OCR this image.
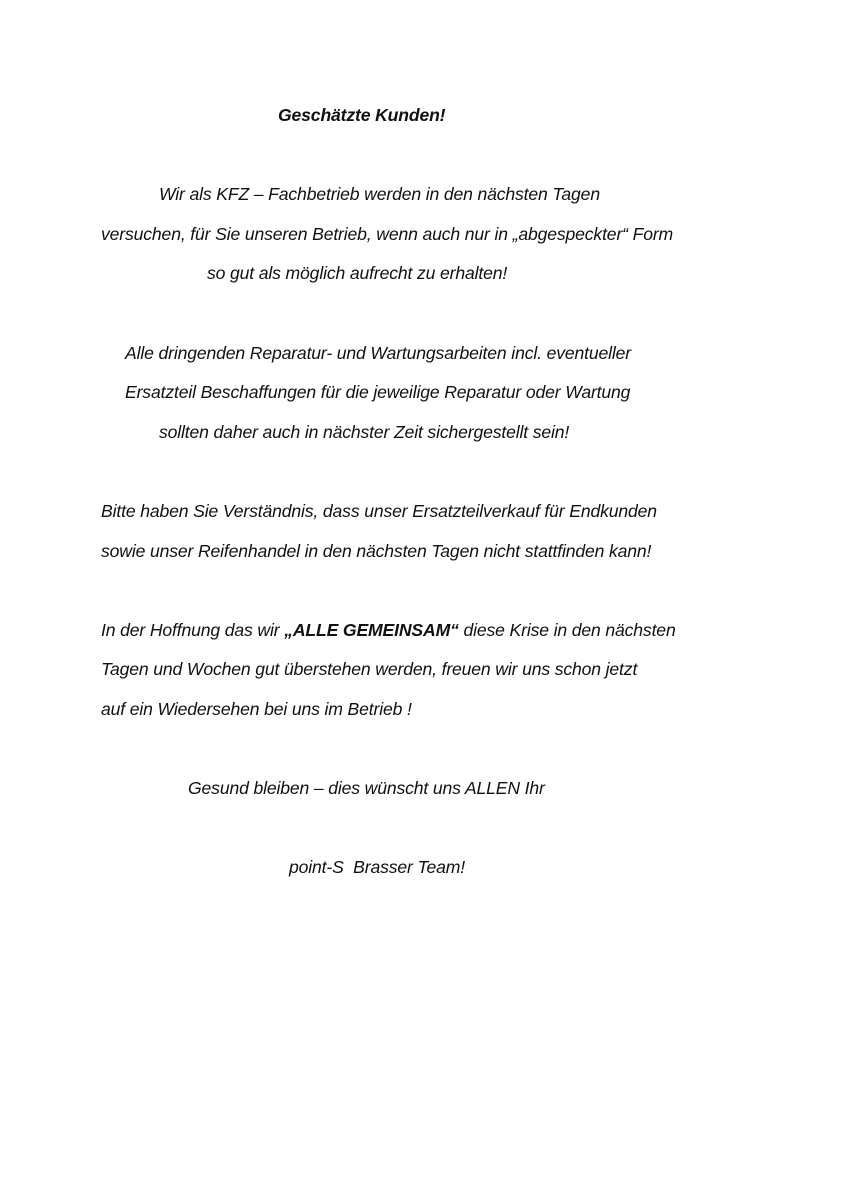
Geschätzte Kunden!
Wir als KFZ – Fachbetrieb werden in den nächsten Tagen
versuchen, für Sie unseren Betrieb, wenn auch nur in „abgespeckter“ Form
so gut als möglich aufrecht zu erhalten!
Alle dringenden Reparatur- und Wartungsarbeiten incl. eventueller
Ersatzteil Beschaffungen für die jeweilige Reparatur oder Wartung
sollten daher auch in nächster Zeit sichergestellt sein!
Bitte haben Sie Verständnis, dass unser Ersatzteilverkauf für Endkunden
sowie unser Reifenhandel in den nächsten Tagen nicht stattfinden kann!
In der Hoffnung das wir „ALLE GEMEINSAM“ diese Krise in den nächsten
Tagen und Wochen gut überstehen werden, freuen wir uns schon jetzt
auf ein Wiedersehen bei uns im Betrieb !
Gesund bleiben – dies wünscht uns ALLEN Ihr
point-S  Brasser Team!
